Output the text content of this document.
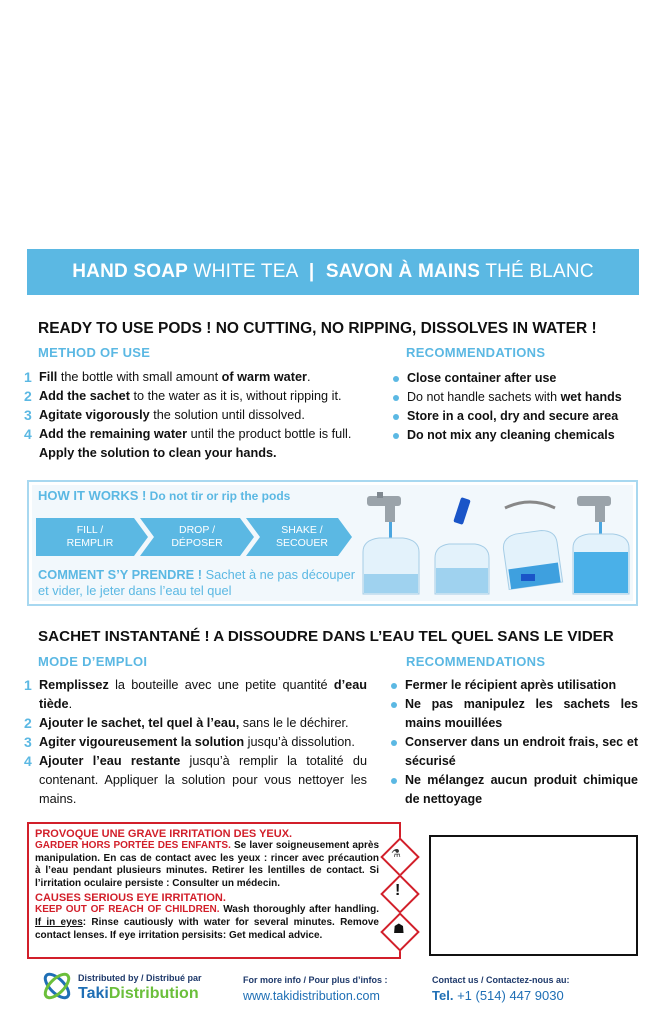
HAND SOAP WHITE TEA | SAVON À MAINS THÉ BLANC
READY TO USE PODS ! NO CUTTING, NO RIPPING, DISSOLVES IN WATER !
METHOD OF USE	RECOMMENDATIONS
1 Fill the bottle with small amount of warm water.
2 Add the sachet to the water as it is, without ripping it.
3 Agitate vigorously the solution until dissolved.
4 Add the remaining water until the product bottle is full. Apply the solution to clean your hands.
Close container after use
Do not handle sachets with wet hands
Store in a cool, dry and secure area
Do not mix any cleaning chemicals
HOW IT WORKS ! Do not tir or rip the pods
FILL /
REMPLIR
DROP /
DÉPOSER
SHAKE /
SECOUER
COMMENT S’Y PRENDRE ! Sachet à ne pas découper et vider, le jeter dans l’eau tel quel
SACHET INSTANTANÉ ! A DISSOUDRE DANS L’EAU TEL QUEL SANS LE VIDER
MODE D’EMPLOI	RECOMMENDATIONS
1 Remplissez la bouteille avec une petite quantité d’eau tiède.
2 Ajouter le sachet, tel quel à l’eau, sans le le déchirer.
3 Agiter vigoureusement la solution jusqu’à dissolution.
4 Ajouter l’eau restante jusqu’à remplir la totalité du contenant. Appliquer la solution pour vous nettoyer les mains.
Fermer le récipient après utilisation
Ne pas manipulez les sachets les mains mouillées
Conserver dans un endroit frais, sec et sécurisé
Ne mélangez aucun produit chimique de nettoyage
PROVOQUE UNE GRAVE IRRITATION DES YEUX.
GARDER HORS PORTÉE DES ENFANTS. Se laver soigneusement après manipulation. En cas de contact avec les yeux : rincer avec précaution à l’eau pendant plusieurs minutes. Retirer les lentilles de contact. Si l’irritation oculaire persiste : Consulter un médecin.
CAUSES SERIOUS EYE IRRITATION.
KEEP OUT OF REACH OF CHILDREN. Wash thoroughly after handling. If in eyes: Rinse cautiously with water for several minutes. Remove contact lenses. If eye irritation persisits: Get medical advice.
⚗
!
☗
Distributed by / Distribué par
TakiDistribution
For more info / Pour plus d’infos :
www.takidistribution.com
Contact us / Contactez-nous au:
Tel. +1 (514) 447 9030
